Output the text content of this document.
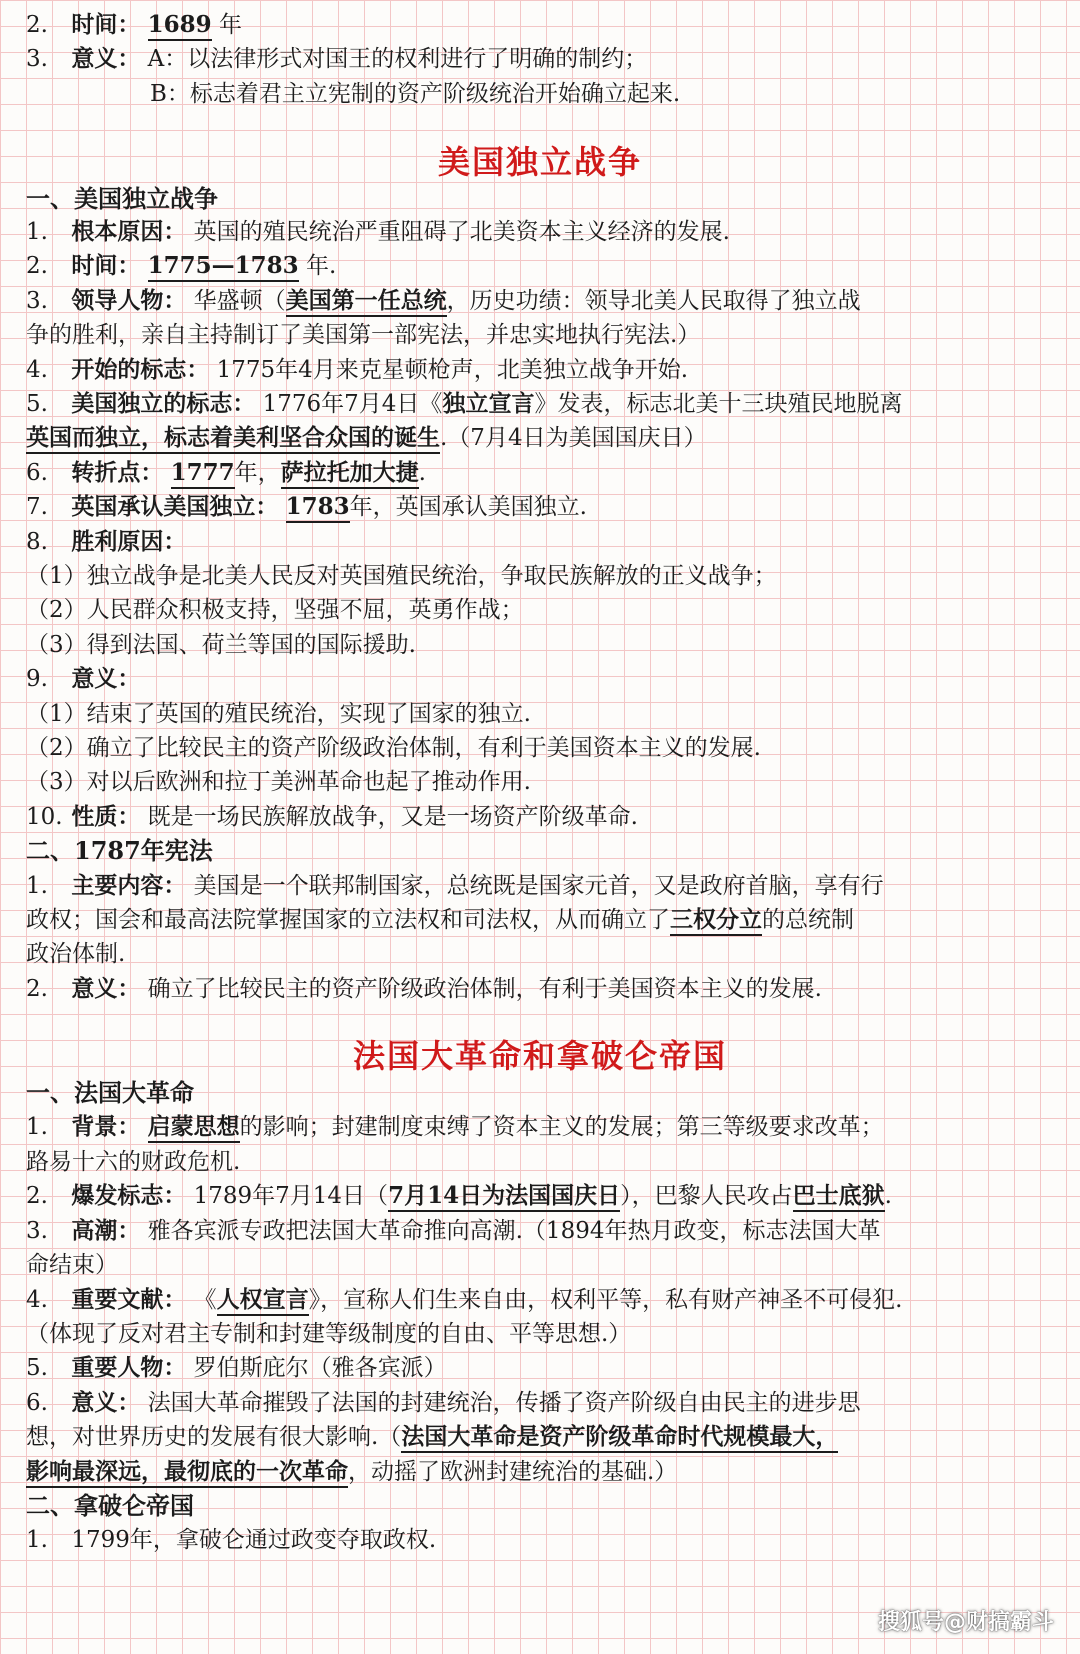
2. 时间： 1689 年
3. 意义： A：以法律形式对国王的权利进行了明确的制约；
B：标志着君主立宪制的资产阶级统治开始确立起来.
美国独立战争
一、美国独立战争
1. 根本原因： 英国的殖民统治严重阻碍了北美资本主义经济的发展.
2. 时间： 1775—1783 年.
3. 领导人物： 华盛顿（美国第一任总统，历史功绩：领导北美人民取得了独立战
争的胜利，亲自主持制订了美国第一部宪法，并忠实地执行宪法.）
4. 开始的标志： 1775年4月来克星顿枪声，北美独立战争开始.
5. 美国独立的标志： 1776年7月4日《独立宣言》发表，标志北美十三块殖民地脱离
英国而独立，标志着美利坚合众国的诞生.（7月4日为美国国庆日）
6. 转折点： 1777年，萨拉托加大捷.
7. 英国承认美国独立： 1783年，英国承认美国独立.
8. 胜利原因：
（1）独立战争是北美人民反对英国殖民统治，争取民族解放的正义战争；
（2）人民群众积极支持，坚强不屈，英勇作战；
（3）得到法国、荷兰等国的国际援助.
9. 意义：
（1）结束了英国的殖民统治，实现了国家的独立.
（2）确立了比较民主的资产阶级政治体制，有利于美国资本主义的发展.
（3）对以后欧洲和拉丁美洲革命也起了推动作用.
10. 性质： 既是一场民族解放战争，又是一场资产阶级革命.
二、1787年宪法
1. 主要内容： 美国是一个联邦制国家，总统既是国家元首，又是政府首脑，享有行
政权；国会和最高法院掌握国家的立法权和司法权，从而确立了三权分立的总统制
政治体制.
2. 意义： 确立了比较民主的资产阶级政治体制，有利于美国资本主义的发展.
法国大革命和拿破仑帝国
一、法国大革命
1. 背景： 启蒙思想的影响；封建制度束缚了资本主义的发展；第三等级要求改革；
路易十六的财政危机.
2. 爆发标志： 1789年7月14日（7月14日为法国国庆日），巴黎人民攻占巴士底狱.
3. 高潮： 雅各宾派专政把法国大革命推向高潮.（1894年热月政变，标志法国大革
命结束）
4. 重要文献： 《人权宣言》，宣称人们生来自由，权利平等，私有财产神圣不可侵犯.
（体现了反对君主专制和封建等级制度的自由、平等思想.）
5. 重要人物： 罗伯斯庇尔（雅各宾派）
6. 意义： 法国大革命摧毁了法国的封建统治，传播了资产阶级自由民主的进步思
想，对世界历史的发展有很大影响.（法国大革命是资产阶级革命时代规模最大，
影响最深远，最彻底的一次革命，动摇了欧洲封建统治的基础.）
二、拿破仑帝国
1. 1799年，拿破仑通过政变夺取政权.
搜狐号@财搞霸斗
